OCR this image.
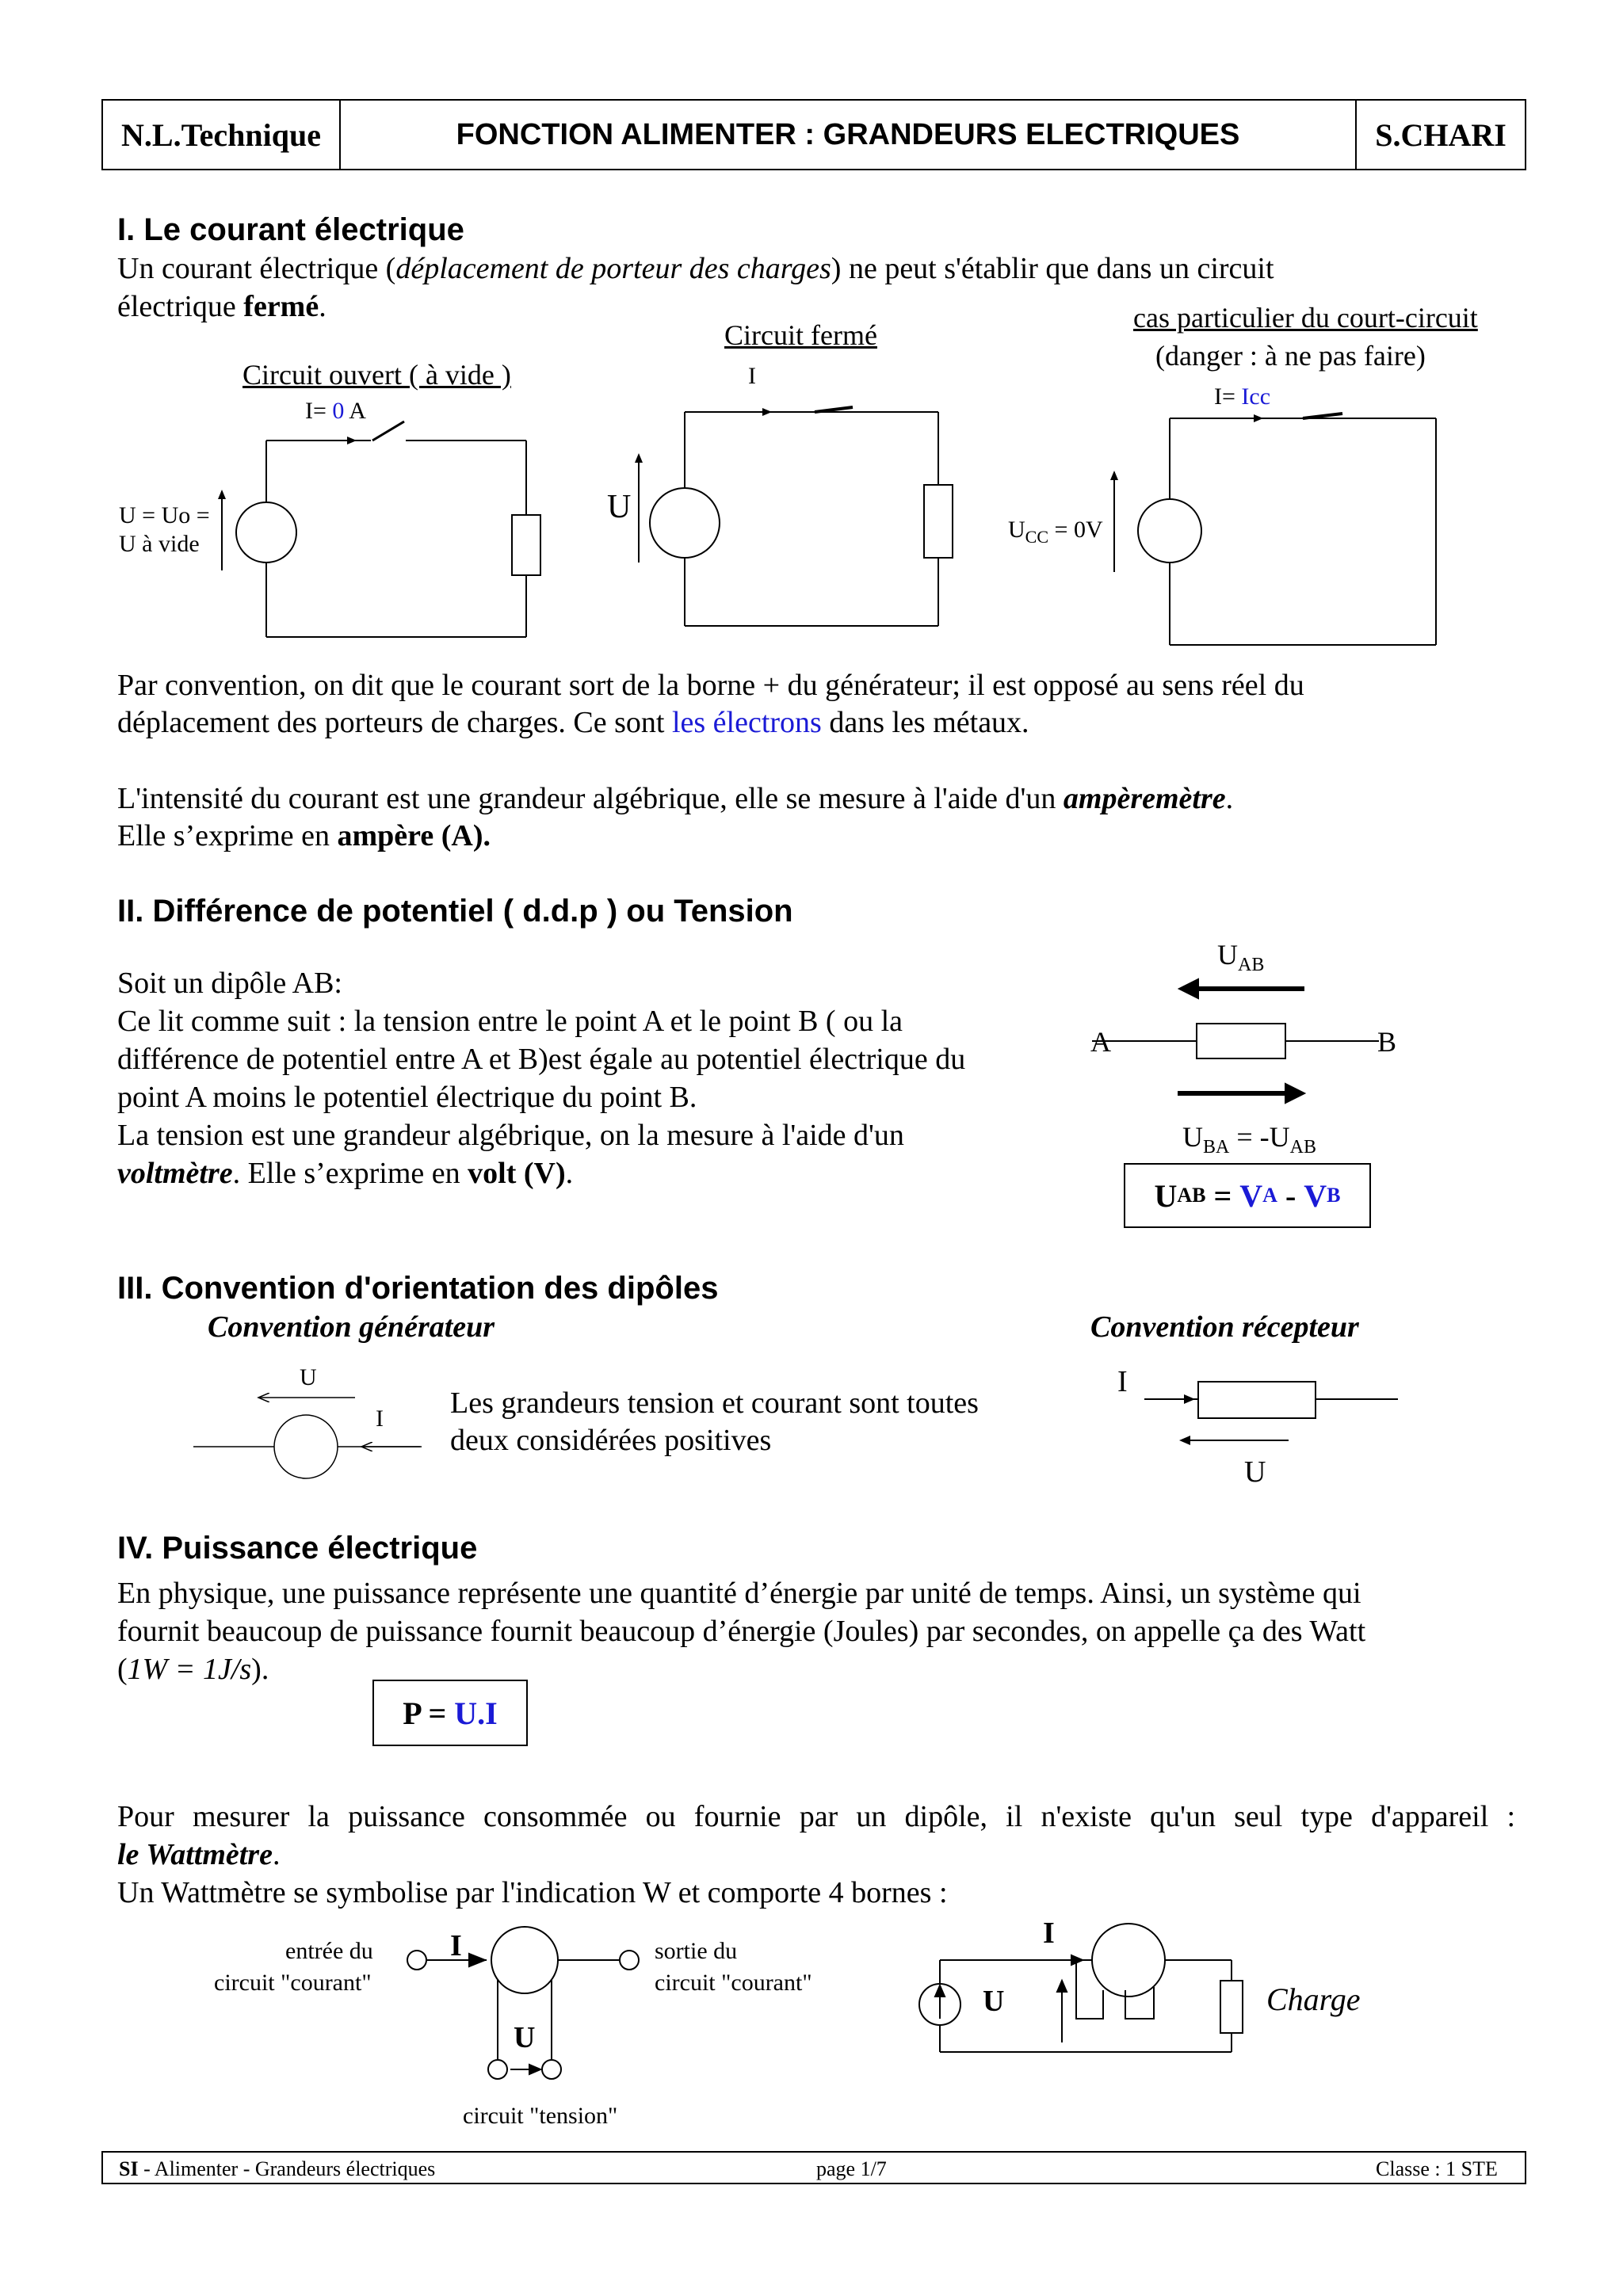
N.L.Technique	FONCTION ALIMENTER : GRANDEURS ELECTRIQUES	S.CHARI
I. Le courant électrique
Un courant électrique (déplacement de porteur des charges) ne peut s'établir que dans un circuit
électrique fermé.
Circuit ouvert ( à vide )
I= 0 A
U = Uo =
U à vide
Circuit fermé
I
U
cas particulier du court-circuit
(danger : à ne pas faire)
I= Icc
$U_{CC} = 0V$
Par convention, on dit que le courant sort de la borne + du générateur; il est opposé au sens réel du
déplacement des porteurs de charges. Ce sont les électrons dans les métaux.
L'intensité du courant est une grandeur algébrique, elle se mesure à l'aide d'un ampèremètre.
Elle s’exprime en ampère (A).
II. Différence de potentiel ( d.d.p ) ou Tension
Soit un dipôle AB:
Ce lit comme suit : la tension entre le point A et le point B ( ou la
différence de potentiel entre A et B)est égale au potentiel électrique du
point A moins le potentiel électrique du point B.
La tension est une grandeur algébrique, on la mesure à l'aide d'un
voltmètre. Elle s’exprime en volt (V).
$U_{AB}$
A	B
$U_{BA} = -U_{AB}$
U AB = V A - V B
III. Convention d'orientation des dipôles
Convention générateur	Convention récepteur
U
I Les grandeurs tension et courant sont toutes
deux considérées positives
I
U
IV. Puissance électrique
En physique, une puissance représente une quantité d’énergie par unité de temps. Ainsi, un système qui
fournit beaucoup de puissance fournit beaucoup d’énergie (Joules) par secondes, on appelle ça des Watt
(1W = 1J/s).
P = U.I
Pour mesurer la puissance consommée ou fournie par un dipôle, il n'existe qu'un seul type d'appareil :
le Wattmètre.
Un Wattmètre se symbolise par l'indication W et comporte 4 bornes :
entrée du
circuit "courant"
sortie du
circuit "courant"
I
U
circuit "tension"
I
U	Charge
SI - Alimenter - Grandeurs électriques	page 1/7	Classe : 1 STE
